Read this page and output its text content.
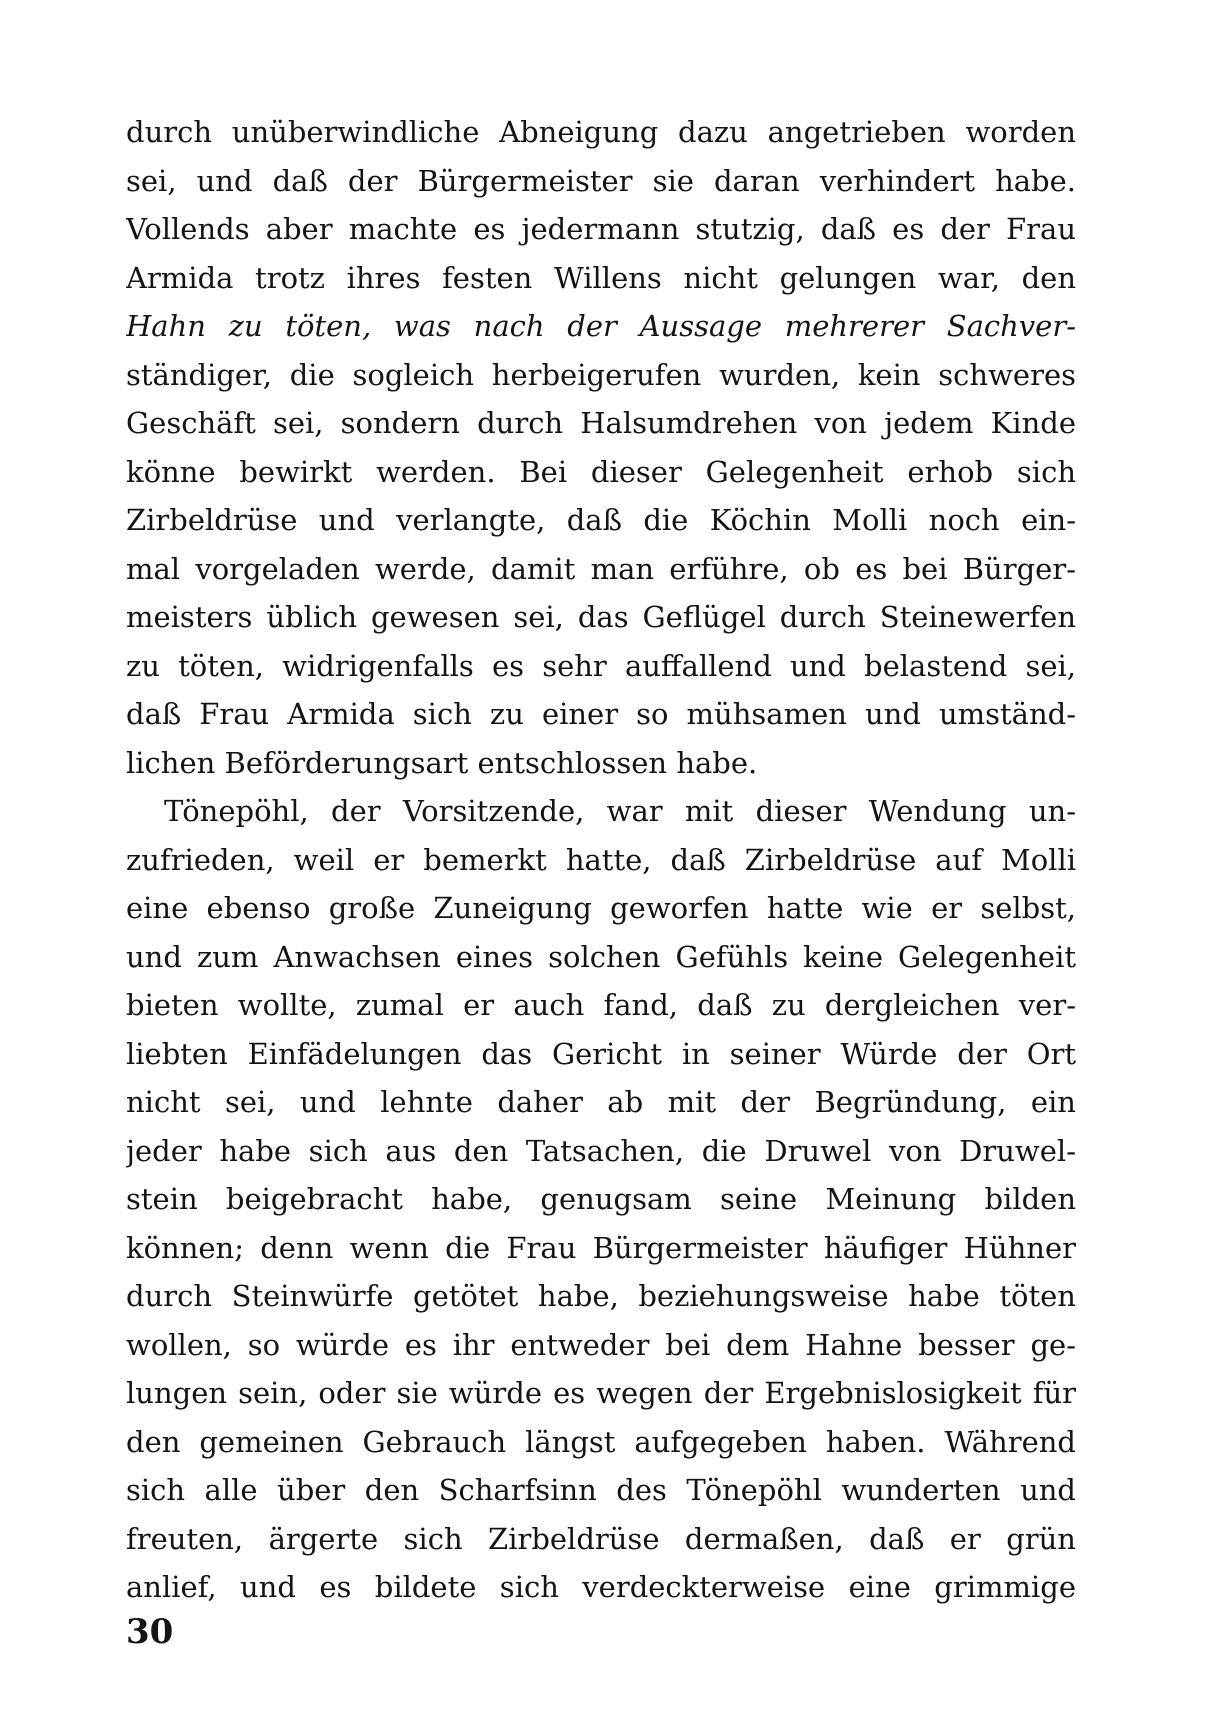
durch unüberwindliche Abneigung dazu angetrieben worden
sei, und daß der Bürgermeister sie daran verhindert habe.
Vollends aber machte es jedermann stutzig, daß es der Frau
Armida trotz ihres festen Willens nicht gelungen war, den
Hahn zu töten, was nach der Aussage mehrerer Sachver-
ständiger, die sogleich herbeigerufen wurden, kein schweres
Geschäft sei, sondern durch Halsumdrehen von jedem Kinde
könne bewirkt werden. Bei dieser Gelegenheit erhob sich
Zirbeldrüse und verlangte, daß die Köchin Molli noch ein-
mal vorgeladen werde, damit man erführe, ob es bei Bürger-
meisters üblich gewesen sei, das Geflügel durch Steinewerfen
zu töten, widrigenfalls es sehr auffallend und belastend sei,
daß Frau Armida sich zu einer so mühsamen und umständ-
lichen Beförderungsart entschlossen habe.
Tönepöhl, der Vorsitzende, war mit dieser Wendung un-
zufrieden, weil er bemerkt hatte, daß Zirbeldrüse auf Molli
eine ebenso große Zuneigung geworfen hatte wie er selbst,
und zum Anwachsen eines solchen Gefühls keine Gelegenheit
bieten wollte, zumal er auch fand, daß zu dergleichen ver-
liebten Einfädelungen das Gericht in seiner Würde der Ort
nicht sei, und lehnte daher ab mit der Begründung, ein
jeder habe sich aus den Tatsachen, die Druwel von Druwel-
stein beigebracht habe, genugsam seine Meinung bilden
können; denn wenn die Frau Bürgermeister häufiger Hühner
durch Steinwürfe getötet habe, beziehungsweise habe töten
wollen, so würde es ihr entweder bei dem Hahne besser ge-
lungen sein, oder sie würde es wegen der Ergebnislosigkeit für
den gemeinen Gebrauch längst aufgegeben haben. Während
sich alle über den Scharfsinn des Tönepöhl wunderten und
freuten, ärgerte sich Zirbeldrüse dermaßen, daß er grün
anlief, und es bildete sich verdeckterweise eine grimmige
30
